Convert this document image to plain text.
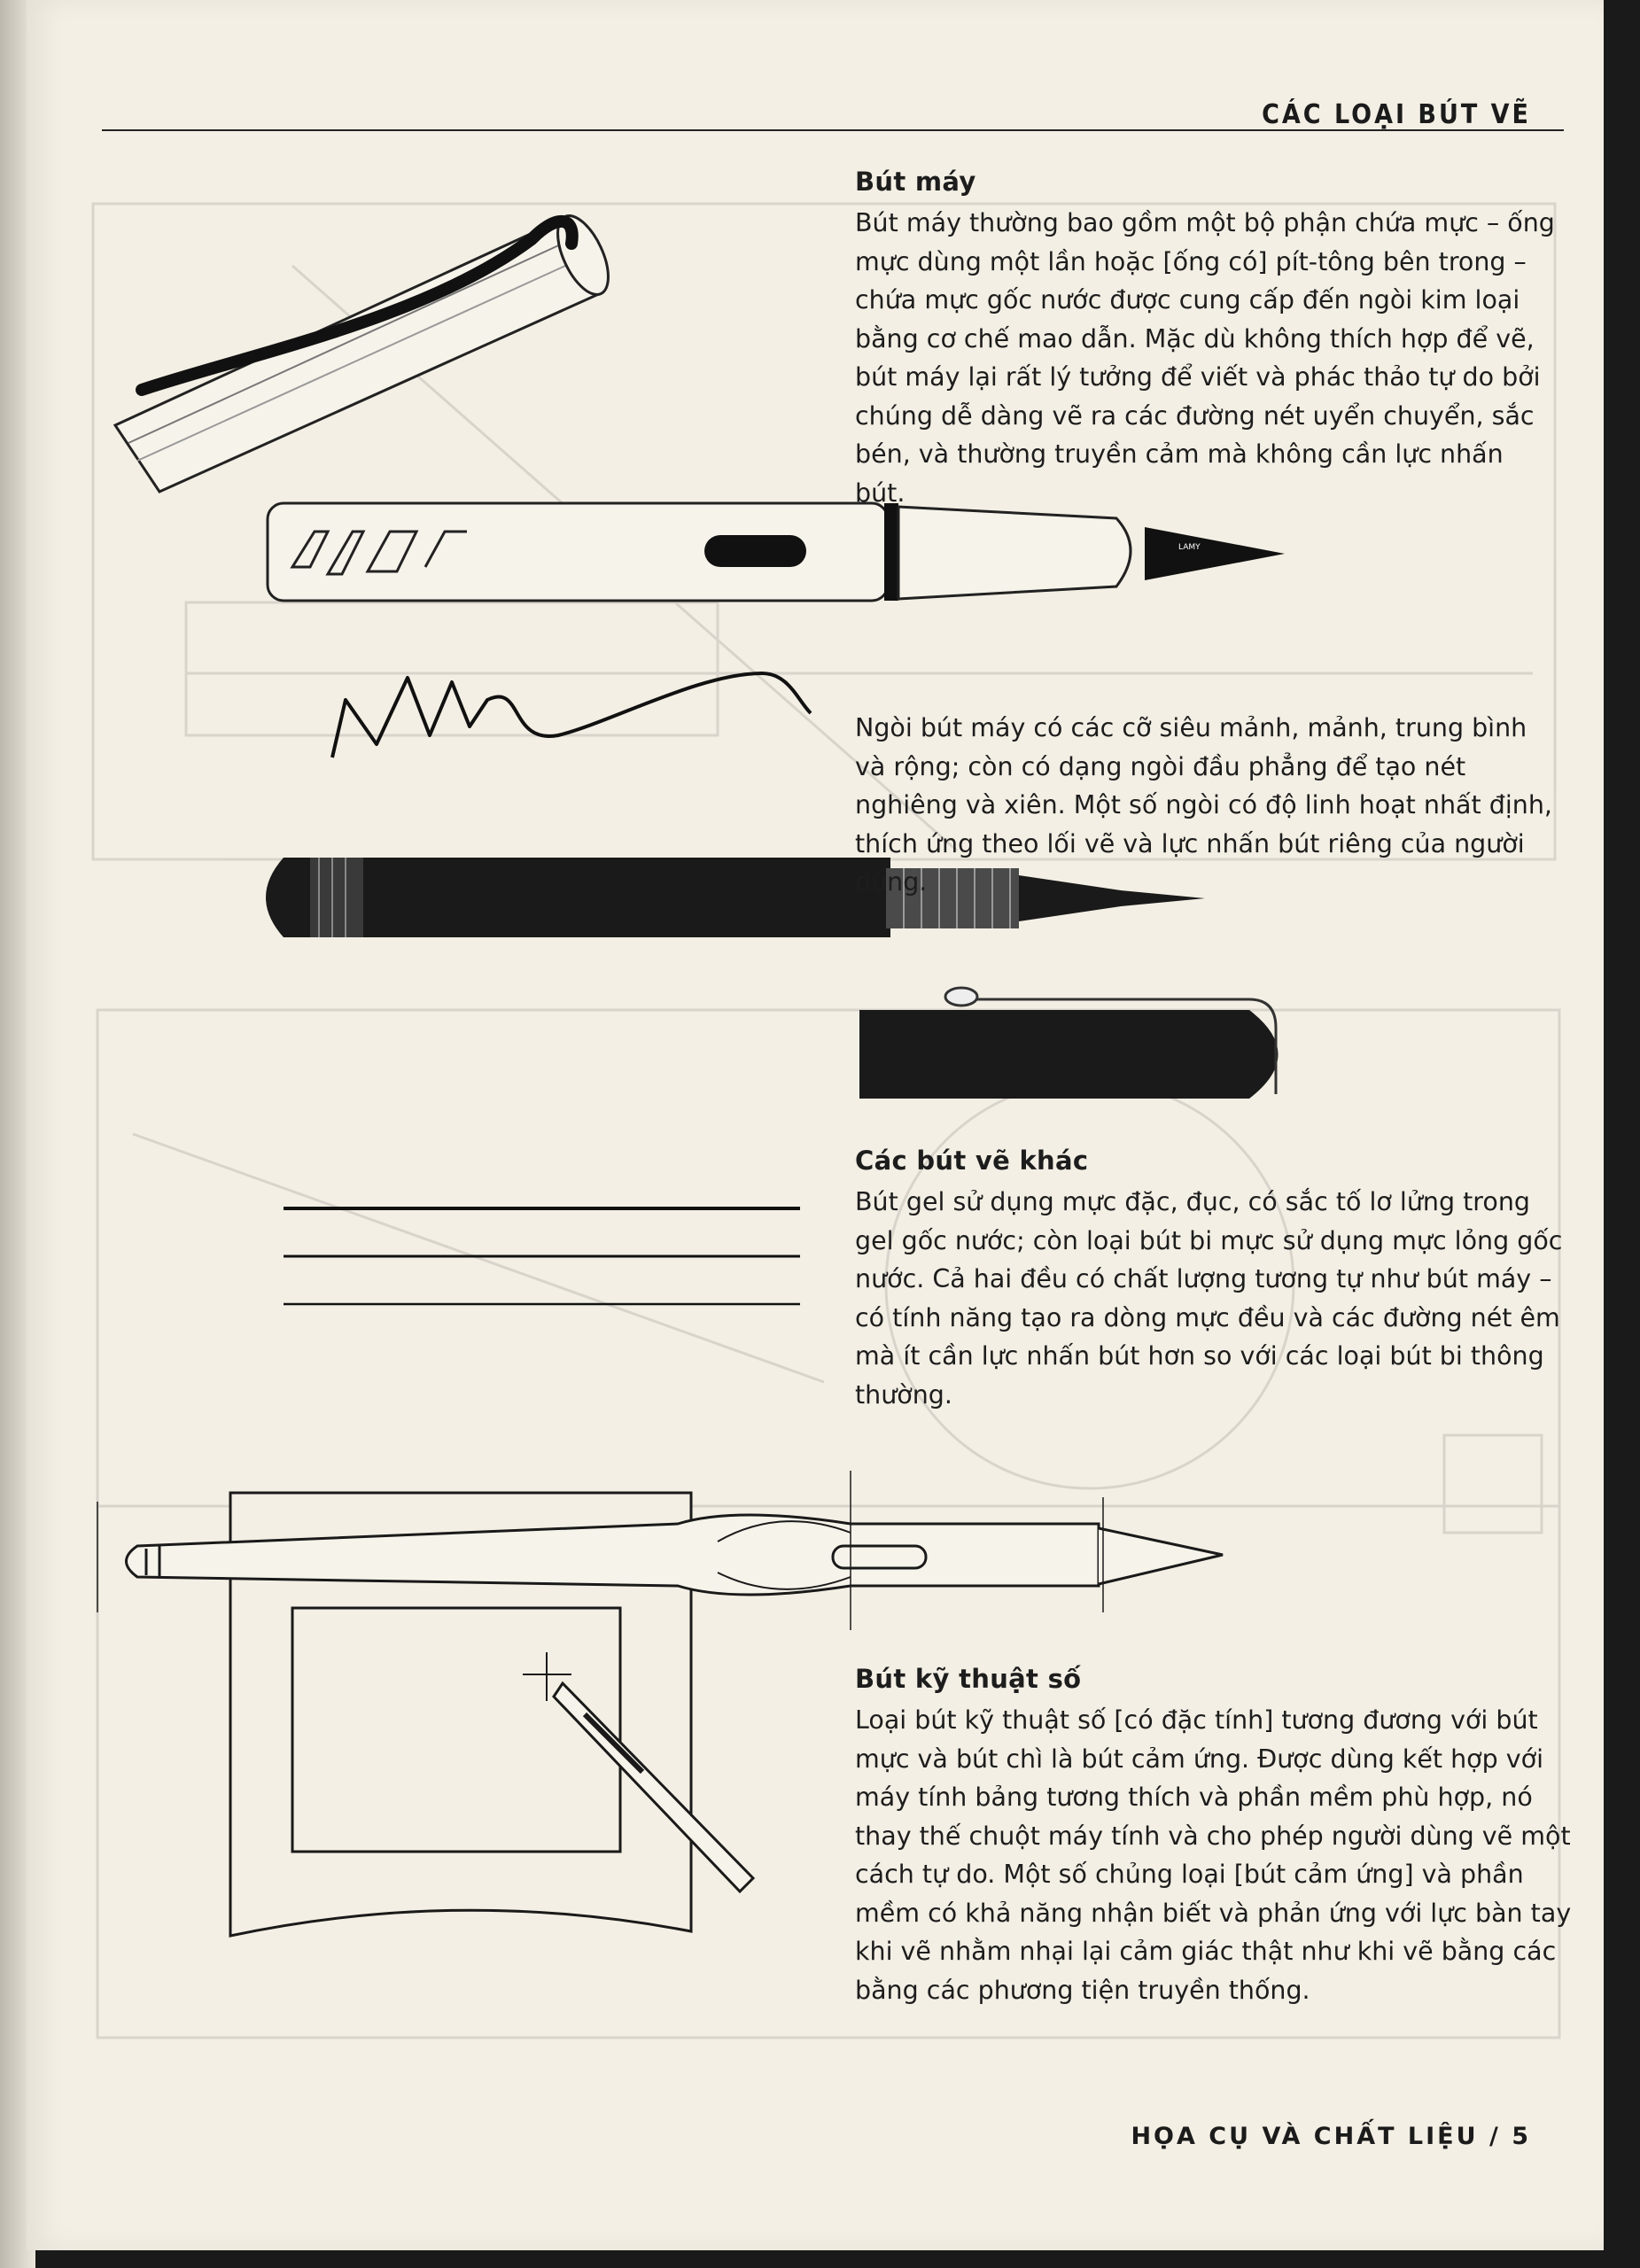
CÁC LOẠI BÚT VẼ
LAMY
Bút máy

Bút máy thường bao gồm một bộ phận chứa mực – ống mực dùng một lần hoặc [ống có] pít-tông bên trong – chứa mực gốc nước được cung cấp đến ngòi kim loại bằng cơ chế mao dẫn. Mặc dù không thích hợp để vẽ, bút máy lại rất lý tưởng để viết và phác thảo tự do bởi chúng dễ dàng vẽ ra các đường nét uyển chuyển, sắc bén, và thường truyền cảm mà không cần lực nhấn bút.

Ngòi bút máy có các cỡ siêu mảnh, mảnh, trung bình và rộng; còn có dạng ngòi đầu phẳng để tạo nét nghiêng và xiên. Một số ngòi có độ linh hoạt nhất định, thích ứng theo lối vẽ và lực nhấn bút riêng của người dùng.

Các bút vẽ khác

Bút gel sử dụng mực đặc, đục, có sắc tố lơ lửng trong gel gốc nước; còn loại bút bi mực sử dụng mực lỏng gốc nước. Cả hai đều có chất lượng tương tự như bút máy – có tính năng tạo ra dòng mực đều và các đường nét êm mà ít cần lực nhấn bút hơn so với các loại bút bi thông thường.

Bút kỹ thuật số

Loại bút kỹ thuật số [có đặc tính] tương đương với bút mực và bút chì là bút cảm ứng. Được dùng kết hợp với máy tính bảng tương thích và phần mềm phù hợp, nó thay thế chuột máy tính và cho phép người dùng vẽ một cách tự do. Một số chủng loại [bút cảm ứng] và phần mềm có khả năng nhận biết và phản ứng với lực bàn tay khi vẽ nhằm nhại lại cảm giác thật như khi vẽ bằng các bằng các phương tiện truyền thống.

HỌA CỤ VÀ CHẤT LIỆU / 5
